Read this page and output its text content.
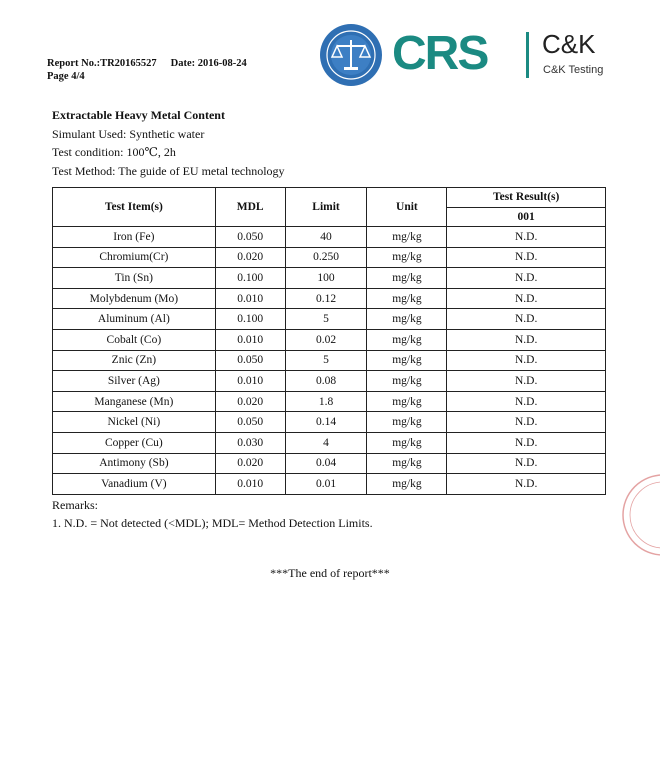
Report No.:TR20165527 Date: 2016-08-24
Page 4/4	CRS C&K
C&K Testing
Extractable Heavy Metal Content
Simulant Used: Synthetic water
Test condition: 100℃, 2h
Test Method: The guide of EU metal technology
Test Item(s)	MDL	Limit	Unit	Test Result(s)
				001
Iron (Fe)	0.050	40	mg/kg	N.D.
Chromium(Cr)	0.020	0.250	mg/kg	N.D.
Tin (Sn)	0.100	100	mg/kg	N.D.
Molybdenum (Mo)	0.010	0.12	mg/kg	N.D.
Aluminum (Al)	0.100	5	mg/kg	N.D.
Cobalt (Co)	0.010	0.02	mg/kg	N.D.
Znic (Zn)	0.050	5	mg/kg	N.D.
Silver (Ag)	0.010	0.08	mg/kg	N.D.
Manganese (Mn)	0.020	1.8	mg/kg	N.D.
Nickel (Ni)	0.050	0.14	mg/kg	N.D.
Copper (Cu)	0.030	4	mg/kg	N.D.
Antimony (Sb)	0.020	0.04	mg/kg	N.D.
Vanadium (V)	0.010	0.01	mg/kg	N.D.
Remarks:
1. N.D. = Not detected (<MDL); MDL= Method Detection Limits.
***The end of report***
